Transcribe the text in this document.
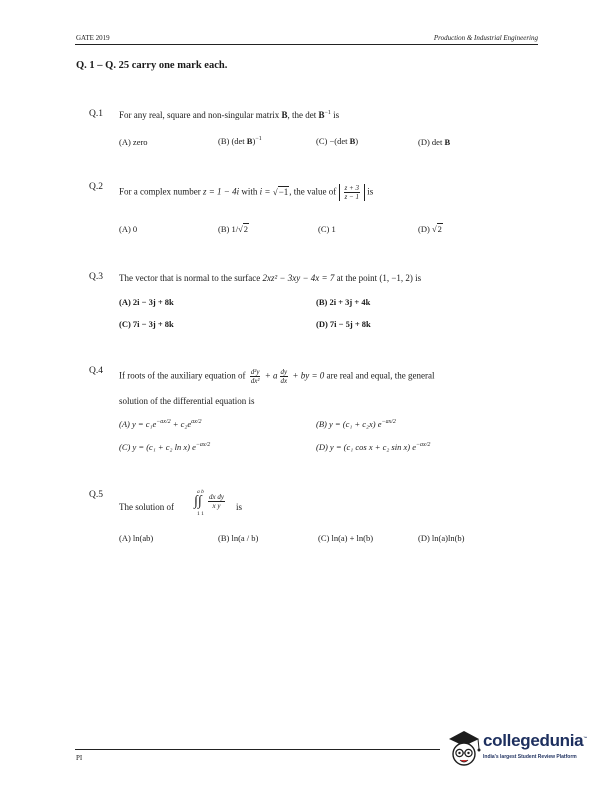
GATE 2019	Production & Industrial Engineering
Q. 1 – Q. 25 carry one mark each.
Q.1 For any real, square and non-singular matrix B, the $\det B^{-1}$ is
(A) zero	(B) (det B)$^{-1}$	(C) −(det B)	(D) det B
Q.2 For a complex number z = 1 − 4i with i = √−1, the value of $\frac{z + 3}{z - 1}$ is
(A) 0	(B) 1/√2	(C) 1	(D) √2
Q.3 The vector that is normal to the surface 2xz² − 3xy − 4x = 7 at the point (1, −1, 2) is
(A) 2i − 3j + 8k	(B) 2i + 3j + 4k
(C) 7i − 3j + 8k	(D) 7i − 5j + 8k
Q.4 If roots of the auxiliary equation of $\frac{\text{d²y}}{\text{dx²}} + a \frac{dy}{dx}$ + by = 0 are real and equal, the general
solution of the differential equation is
(A) $y = c_1e^{-ax/2} + c_2e^{ax/2}$	(B) y = (c₁ + c₂x) $e^{-ax/2}$
(C) y = (c₁ + c₂ ln x) $e^{-ax/2}$	(D) y = (c₁ cos x + c₂ sin x) $e^{-ax/2}$
Q.5
The solution of
a b
∫∫
1 1
$\frac{\text{dx dy}}{\text{x y}}$ is
(A) ln(ab)	(B) ln(a / b)	(C) ln(a) + ln(b)	(D) ln(a)ln(b)
PI
collegedunia™
India's largest Student Review Platform
